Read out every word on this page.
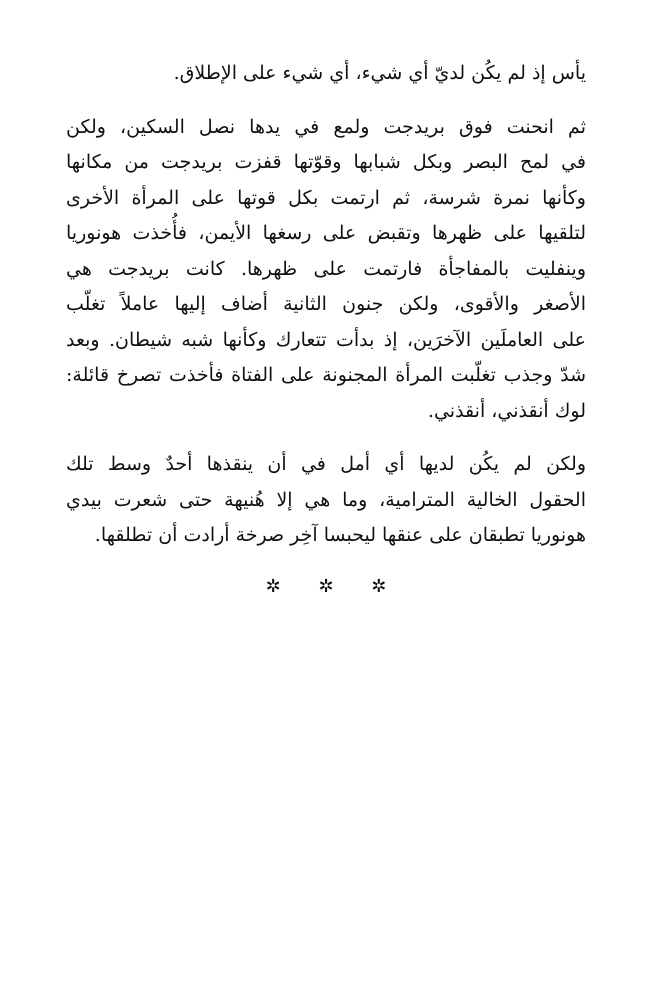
يأس إذ لم يكُن لديّ أي شيء، أي شيء على الإطلاق.

ثم انحنت فوق بريدجت ولمع في يدها نصل السكين، ولكن
في لمح البصر وبكل شبابها وقوّتها قفزت بريدجت من مكانها
وكأنها نمرة شرسة، ثم ارتمت بكل قوتها على المرأة الأخرى
لتلقيها على ظهرها وتقبض على رسغها الأيمن، فأُخذت هونوريا
وينفليت بالمفاجأة فارتمت على ظهرها. كانت بريدجت هي
الأصغر والأقوى، ولكن جنون الثانية أضاف إليها عاملاً تغلّب
على العاملَين الآخرَين، إذ بدأت تتعارك وكأنها شبه شيطان. وبعد
شدّ وجذب تغلّبت المرأة المجنونة على الفتاة فأخذت تصرخ قائلة:
لوك أنقذني، أنقذني.

ولكن لم يكُن لديها أي أمل في أن ينقذها أحدٌ وسط تلك
الحقول الخالية المترامية، وما هي إلا هُنيهة حتى شعرت بيدي
هونوريا تطبقان على عنقها ليحبسا آخِر صرخة أرادت أن تطلقها.

✲ ✲ ✲
